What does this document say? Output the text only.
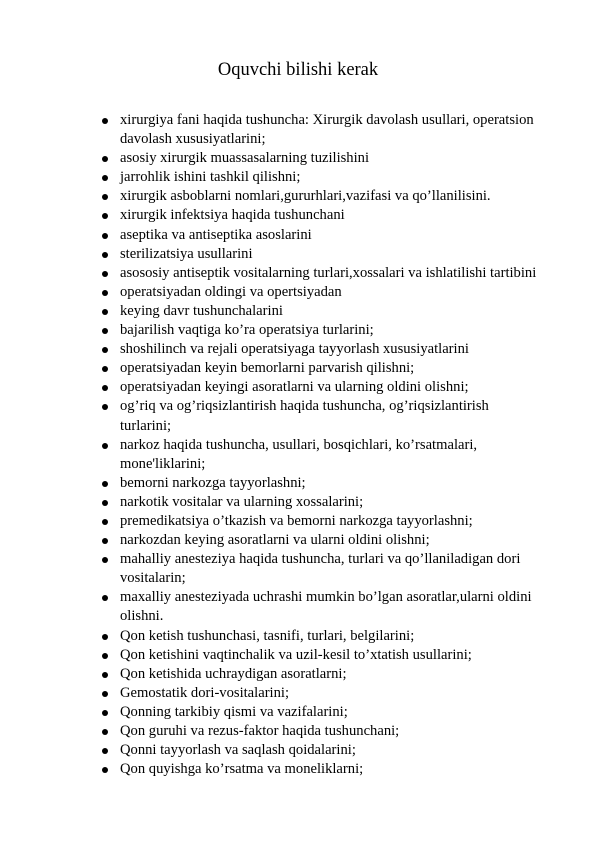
Oquvchi bilishi kerak
xirurgiya fani haqida tushuncha: Xirurgik davolash usullari, operatsion davolash xususiyatlarini;
asosiy xirurgik muassasalarning tuzilishini
jarrohlik ishini tashkil qilishni;
xirurgik asboblarni nomlari,gururhlari,vazifasi va qo’llanilisini.
xirurgik infektsiya haqida tushunchani
aseptika va antiseptika asoslarini
sterilizatsiya usullarini
asososiy antiseptik vositalarning turlari,xossalari va ishlatilishi tartibini
operatsiyadan oldingi va opertsiyadan
keying davr tushunchalarini
bajarilish vaqtiga ko’ra operatsiya turlarini;
shoshilinch va rejali operatsiyaga tayyorlash xususiyatlarini
operatsiyadan keyin bemorlarni parvarish qilishni;
operatsiyadan keyingi asoratlarni va ularning oldini olishni;
og’riq va og’riqsizlantirish haqida tushuncha, og’riqsizlantirish turlarini;
narkoz haqida tushuncha, usullari, bosqichlari, ko’rsatmalari, mone'liklarini;
bemorni narkozga tayyorlashni;
narkotik vositalar va ularning xossalarini;
premedikatsiya o’tkazish va bemorni narkozga tayyorlashni;
narkozdan keying asoratlarni va ularni oldini olishni;
mahalliy anesteziya haqida tushuncha, turlari va qo’llaniladigan dori vositalarin;
maxalliy anesteziyada uchrashi mumkin bo’lgan asoratlar,ularni oldini olishni.
Qon ketish tushunchasi, tasnifi, turlari, belgilarini;
Qon ketishini vaqtinchalik va uzil-kesil to’xtatish usullarini;
Qon ketishida uchraydigan asoratlarni;
Gemostatik dori-vositalarini;
Qonning tarkibiy qismi va vazifalarini;
Qon guruhi va rezus-faktor haqida tushunchani;
Qonni tayyorlash va saqlash qoidalarini;
Qon quyishga ko’rsatma va moneliklarni;
